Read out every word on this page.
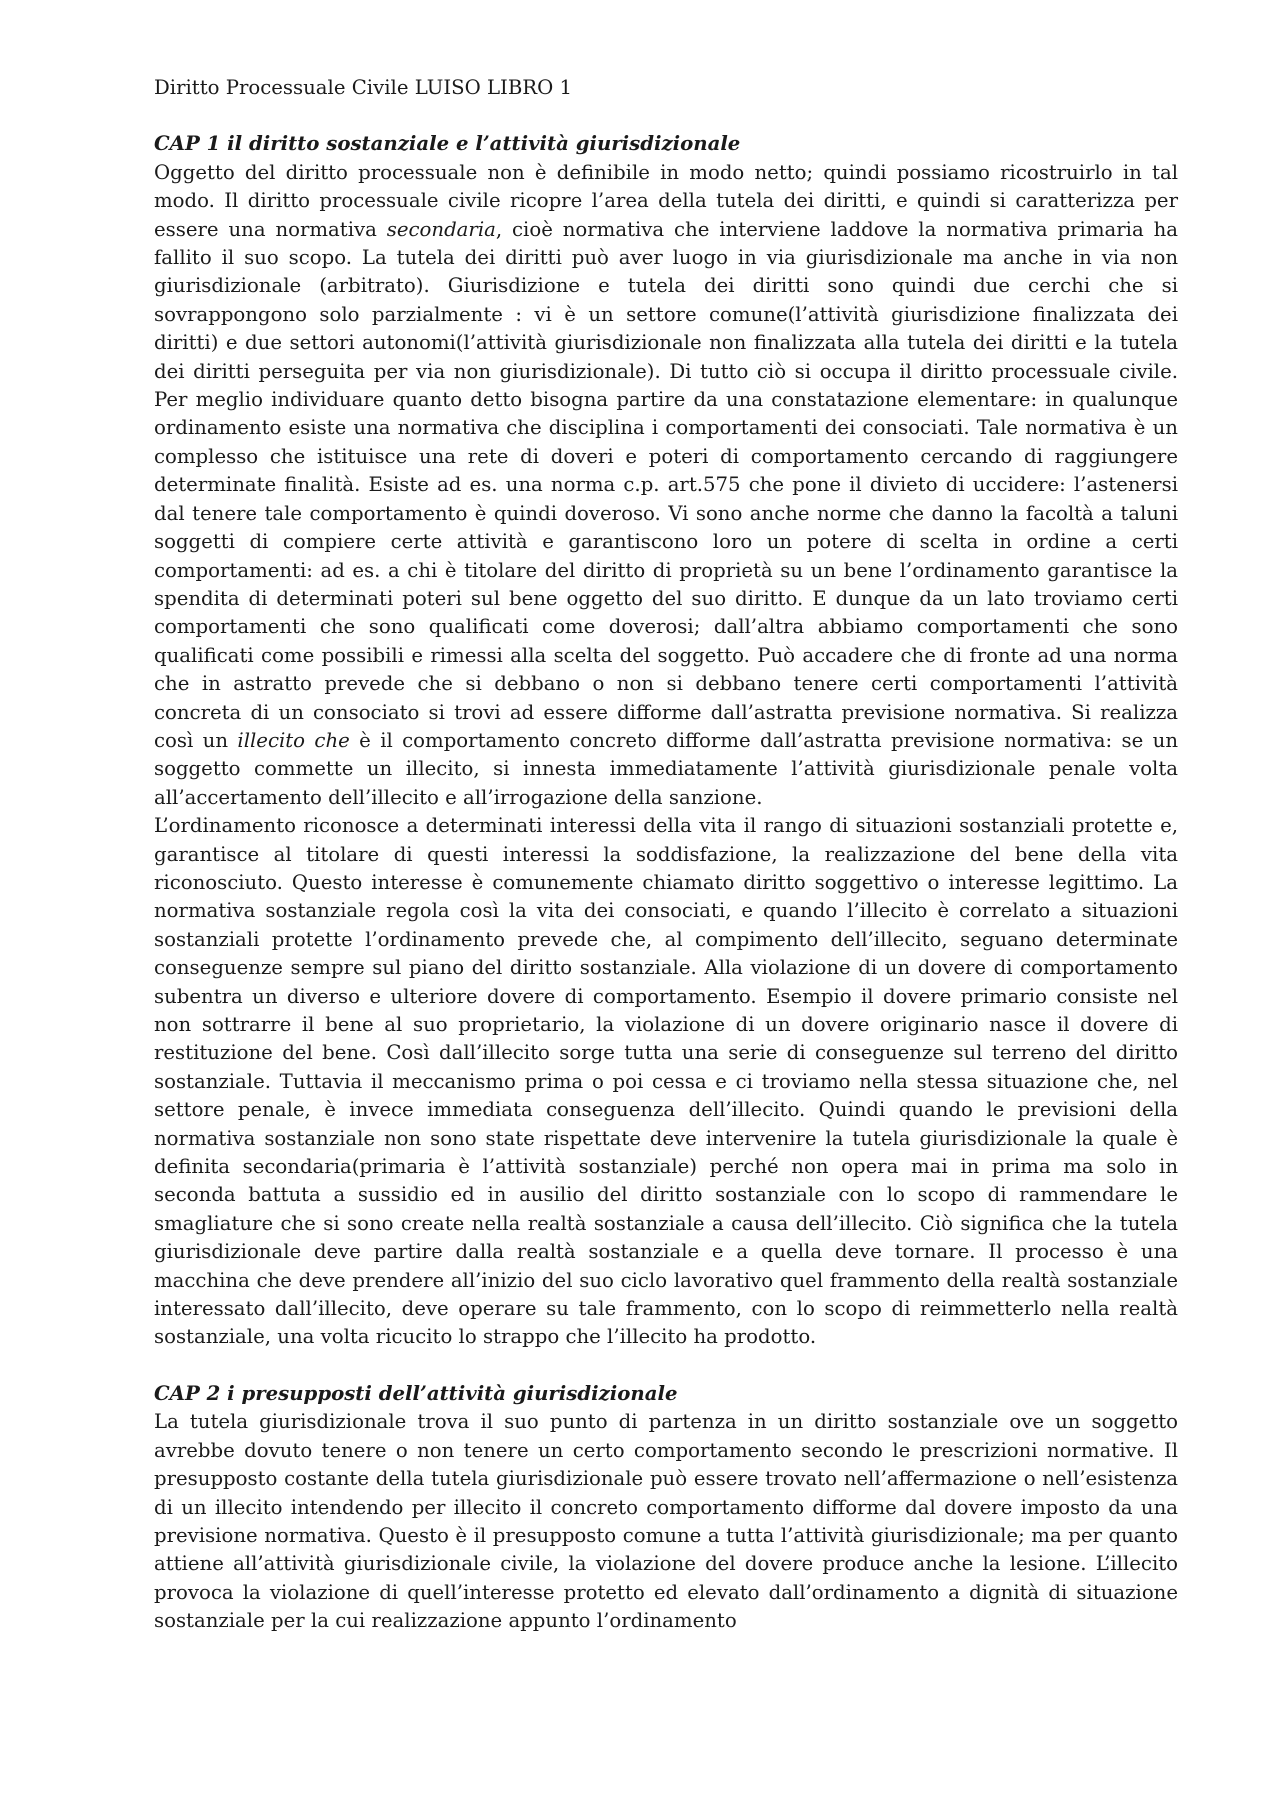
Diritto Processuale Civile LUISO LIBRO 1

CAP 1 il diritto sostanziale e l’attività giurisdizionale

Oggetto del diritto processuale non è definibile in modo netto; quindi possiamo ricostruirlo in tal modo. Il diritto processuale civile ricopre l’area della tutela dei diritti, e quindi si caratterizza per essere una normativa secondaria, cioè normativa che interviene laddove la normativa primaria ha fallito il suo scopo. La tutela dei diritti può aver luogo in via giurisdizionale ma anche in via non giurisdizionale (arbitrato). Giurisdizione e tutela dei diritti sono quindi due cerchi che si sovrappongono solo parzialmente : vi è un settore comune(l’attività giurisdizione finalizzata dei diritti) e due settori autonomi(l’attività giurisdizionale non finalizzata alla tutela dei diritti e la tutela dei diritti perseguita per via non giurisdizionale). Di tutto ciò si occupa il diritto processuale civile. Per meglio individuare quanto detto bisogna partire da una constatazione elementare: in qualunque ordinamento esiste una normativa che disciplina i comportamenti dei consociati. Tale normativa è un complesso che istituisce una rete di doveri e poteri di comportamento cercando di raggiungere determinate finalità. Esiste ad es. una norma c.p. art.575 che pone il divieto di uccidere: l’astenersi dal tenere tale comportamento è quindi doveroso. Vi sono anche norme che danno la facoltà a taluni soggetti di compiere certe attività e garantiscono loro un potere di scelta in ordine a certi comportamenti: ad es. a chi è titolare del diritto di proprietà su un bene l’ordinamento garantisce la spendita di determinati poteri sul bene oggetto del suo diritto. E dunque da un lato troviamo certi comportamenti che sono qualificati come doverosi; dall’altra abbiamo comportamenti che sono qualificati come possibili e rimessi alla scelta del soggetto. Può accadere che di fronte ad una norma che in astratto prevede che si debbano o non si debbano tenere certi comportamenti l’attività concreta di un consociato si trovi ad essere difforme dall’astratta previsione normativa. Si realizza così un illecito che è il comportamento concreto difforme dall’astratta previsione normativa: se un soggetto commette un illecito, si innesta immediatamente l’attività giurisdizionale penale volta all’accertamento dell’illecito e all’irrogazione della sanzione.

L’ordinamento riconosce a determinati interessi della vita il rango di situazioni sostanziali protette e, garantisce al titolare di questi interessi la soddisfazione, la realizzazione del bene della vita riconosciuto. Questo interesse è comunemente chiamato diritto soggettivo o interesse legittimo. La normativa sostanziale regola così la vita dei consociati, e quando l’illecito è correlato a situazioni sostanziali protette l’ordinamento prevede che, al compimento dell’illecito, seguano determinate conseguenze sempre sul piano del diritto sostanziale. Alla violazione di un dovere di comportamento subentra un diverso e ulteriore dovere di comportamento. Esempio il dovere primario consiste nel non sottrarre il bene al suo proprietario, la violazione di un dovere originario nasce il dovere di restituzione del bene. Così dall’illecito sorge tutta una serie di conseguenze sul terreno del diritto sostanziale. Tuttavia il meccanismo prima o poi cessa e ci troviamo nella stessa situazione che, nel settore penale, è invece immediata conseguenza dell’illecito. Quindi quando le previsioni della normativa sostanziale non sono state rispettate deve intervenire la tutela giurisdizionale la quale è definita secondaria(primaria è l’attività sostanziale) perché non opera mai in prima ma solo in seconda battuta a sussidio ed in ausilio del diritto sostanziale con lo scopo di rammendare le smagliature che si sono create nella realtà sostanziale a causa dell’illecito. Ciò significa che la tutela giurisdizionale deve partire dalla realtà sostanziale e a quella deve tornare. Il processo è una macchina che deve prendere all’inizio del suo ciclo lavorativo quel frammento della realtà sostanziale interessato dall’illecito, deve operare su tale frammento, con lo scopo di reimmetterlo nella realtà sostanziale, una volta ricucito lo strappo che l’illecito ha prodotto.

CAP 2 i presupposti dell’attività giurisdizionale

La tutela giurisdizionale trova il suo punto di partenza in un diritto sostanziale ove un soggetto avrebbe dovuto tenere o non tenere un certo comportamento secondo le prescrizioni normative. Il presupposto costante della tutela giurisdizionale può essere trovato nell’affermazione o nell’esistenza di un illecito intendendo per illecito il concreto comportamento difforme dal dovere imposto da una previsione normativa. Questo è il presupposto comune a tutta l’attività giurisdizionale; ma per quanto attiene all’attività giurisdizionale civile, la violazione del dovere produce anche la lesione. L’illecito provoca la violazione di quell’interesse protetto ed elevato dall’ordinamento a dignità di situazione sostanziale per la cui realizzazione appunto l’ordinamento
